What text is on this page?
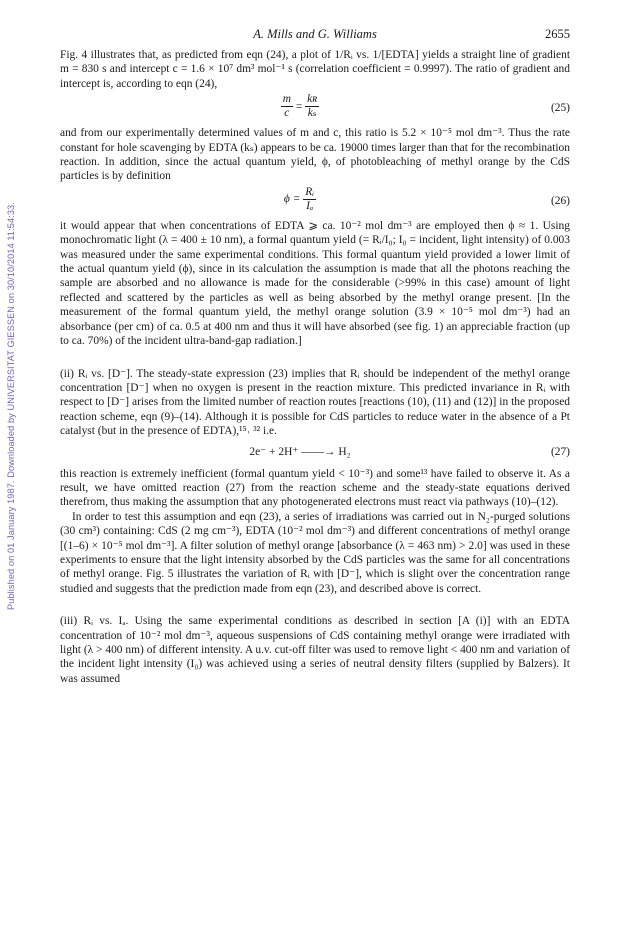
Published on 01 January 1987. Downloaded by UNIVERSITAT GIESSEN on 30/10/2014 11:54:33.
A. Mills and G. Williams	2655

Fig. 4 illustrates that, as predicted from eqn (24), a plot of 1/Rᵢ vs. 1/[EDTA] yields a straight line of gradient m = 830 s and intercept c = 1.6 × 10⁷ dm³ mol⁻¹ s (correlation coefficient = 0.9997). The ratio of gradient and intercept is, according to eqn (24),

$\frac{m}{c} = \frac{\text{kʀ}}{\text{kₛ}}$	(25)

and from our experimentally determined values of m and c, this ratio is 5.2 × 10⁻⁵ mol dm⁻³. Thus the rate constant for hole scavenging by EDTA (kₛ) appears to be ca. 19000 times larger than that for the recombination reaction. In addition, since the actual quantum yield, ϕ, of photobleaching of methyl orange by the CdS particles is by definition

$\phi = \frac{\text{Rᵢ}}{\text{Iₐ}}$	(26)

it would appear that when concentrations of EDTA ⩾ ca. 10⁻² mol dm⁻³ are employed then ϕ ≈ 1. Using monochromatic light (λ = 400 ± 10 nm), a formal quantum yield (= Rᵢ/I₀; I₀ = incident, light intensity) of 0.003 was measured under the same experimental conditions. This formal quantum yield provided a lower limit of the actual quantum yield (ϕ), since in its calculation the assumption is made that all the photons reaching the sample are absorbed and no allowance is made for the considerable (>99% in this case) amount of light reflected and scattered by the particles as well as being absorbed by the methyl orange present. [In the measurement of the formal quantum yield, the methyl orange solution (3.9 × 10⁻⁵ mol dm⁻³) had an absorbance (per cm) of ca. 0.5 at 400 nm and thus it will have absorbed (see fig. 1) an appreciable fraction (up to ca. 70%) of the incident ultra-band-gap radiation.]

(ii) Rᵢ vs. [D⁻]. The steady-state expression (23) implies that Rᵢ should be independent of the methyl orange concentration [D⁻] when no oxygen is present in the reaction mixture. This predicted invariance in Rᵢ with respect to [D⁻] arises from the limited number of reaction routes [reactions (10), (11) and (12)] in the proposed reaction scheme, eqn (9)–(14). Although it is possible for CdS particles to reduce water in the absence of a Pt catalyst (but in the presence of EDTA),¹⁵˒ ³² i.e.

2e⁻ + 2H⁺ ——→ H₂	(27)

this reaction is extremely inefficient (formal quantum yield < 10⁻³) and some¹³ have failed to observe it. As a result, we have omitted reaction (27) from the reaction scheme and the steady-state equations derived therefrom, thus making the assumption that any photogenerated electrons must react via pathways (10)–(12).

In order to test this assumption and eqn (23), a series of irradiations was carried out in N₂-purged solutions (30 cm³) containing: CdS (2 mg cm⁻³), EDTA (10⁻² mol dm⁻³) and different concentrations of methyl orange [(1–6) × 10⁻⁵ mol dm⁻³]. A filter solution of methyl orange [absorbance (λ = 463 nm) > 2.0] was used in these experiments to ensure that the light intensity absorbed by the CdS particles was the same for all concentrations of methyl orange. Fig. 5 illustrates the variation of Rᵢ with [D⁻], which is slight over the concentration range studied and suggests that the prediction made from eqn (23), and described above is correct.

(iii) Rᵢ vs. Iₐ. Using the same experimental conditions as described in section [A (i)] with an EDTA concentration of 10⁻² mol dm⁻³, aqueous suspensions of CdS containing methyl orange were irradiated with light (λ > 400 nm) of different intensity. A u.v. cut-off filter was used to remove light < 400 nm and variation of the incident light intensity (I₀) was achieved using a series of neutral density filters (supplied by Balzers). It was assumed
